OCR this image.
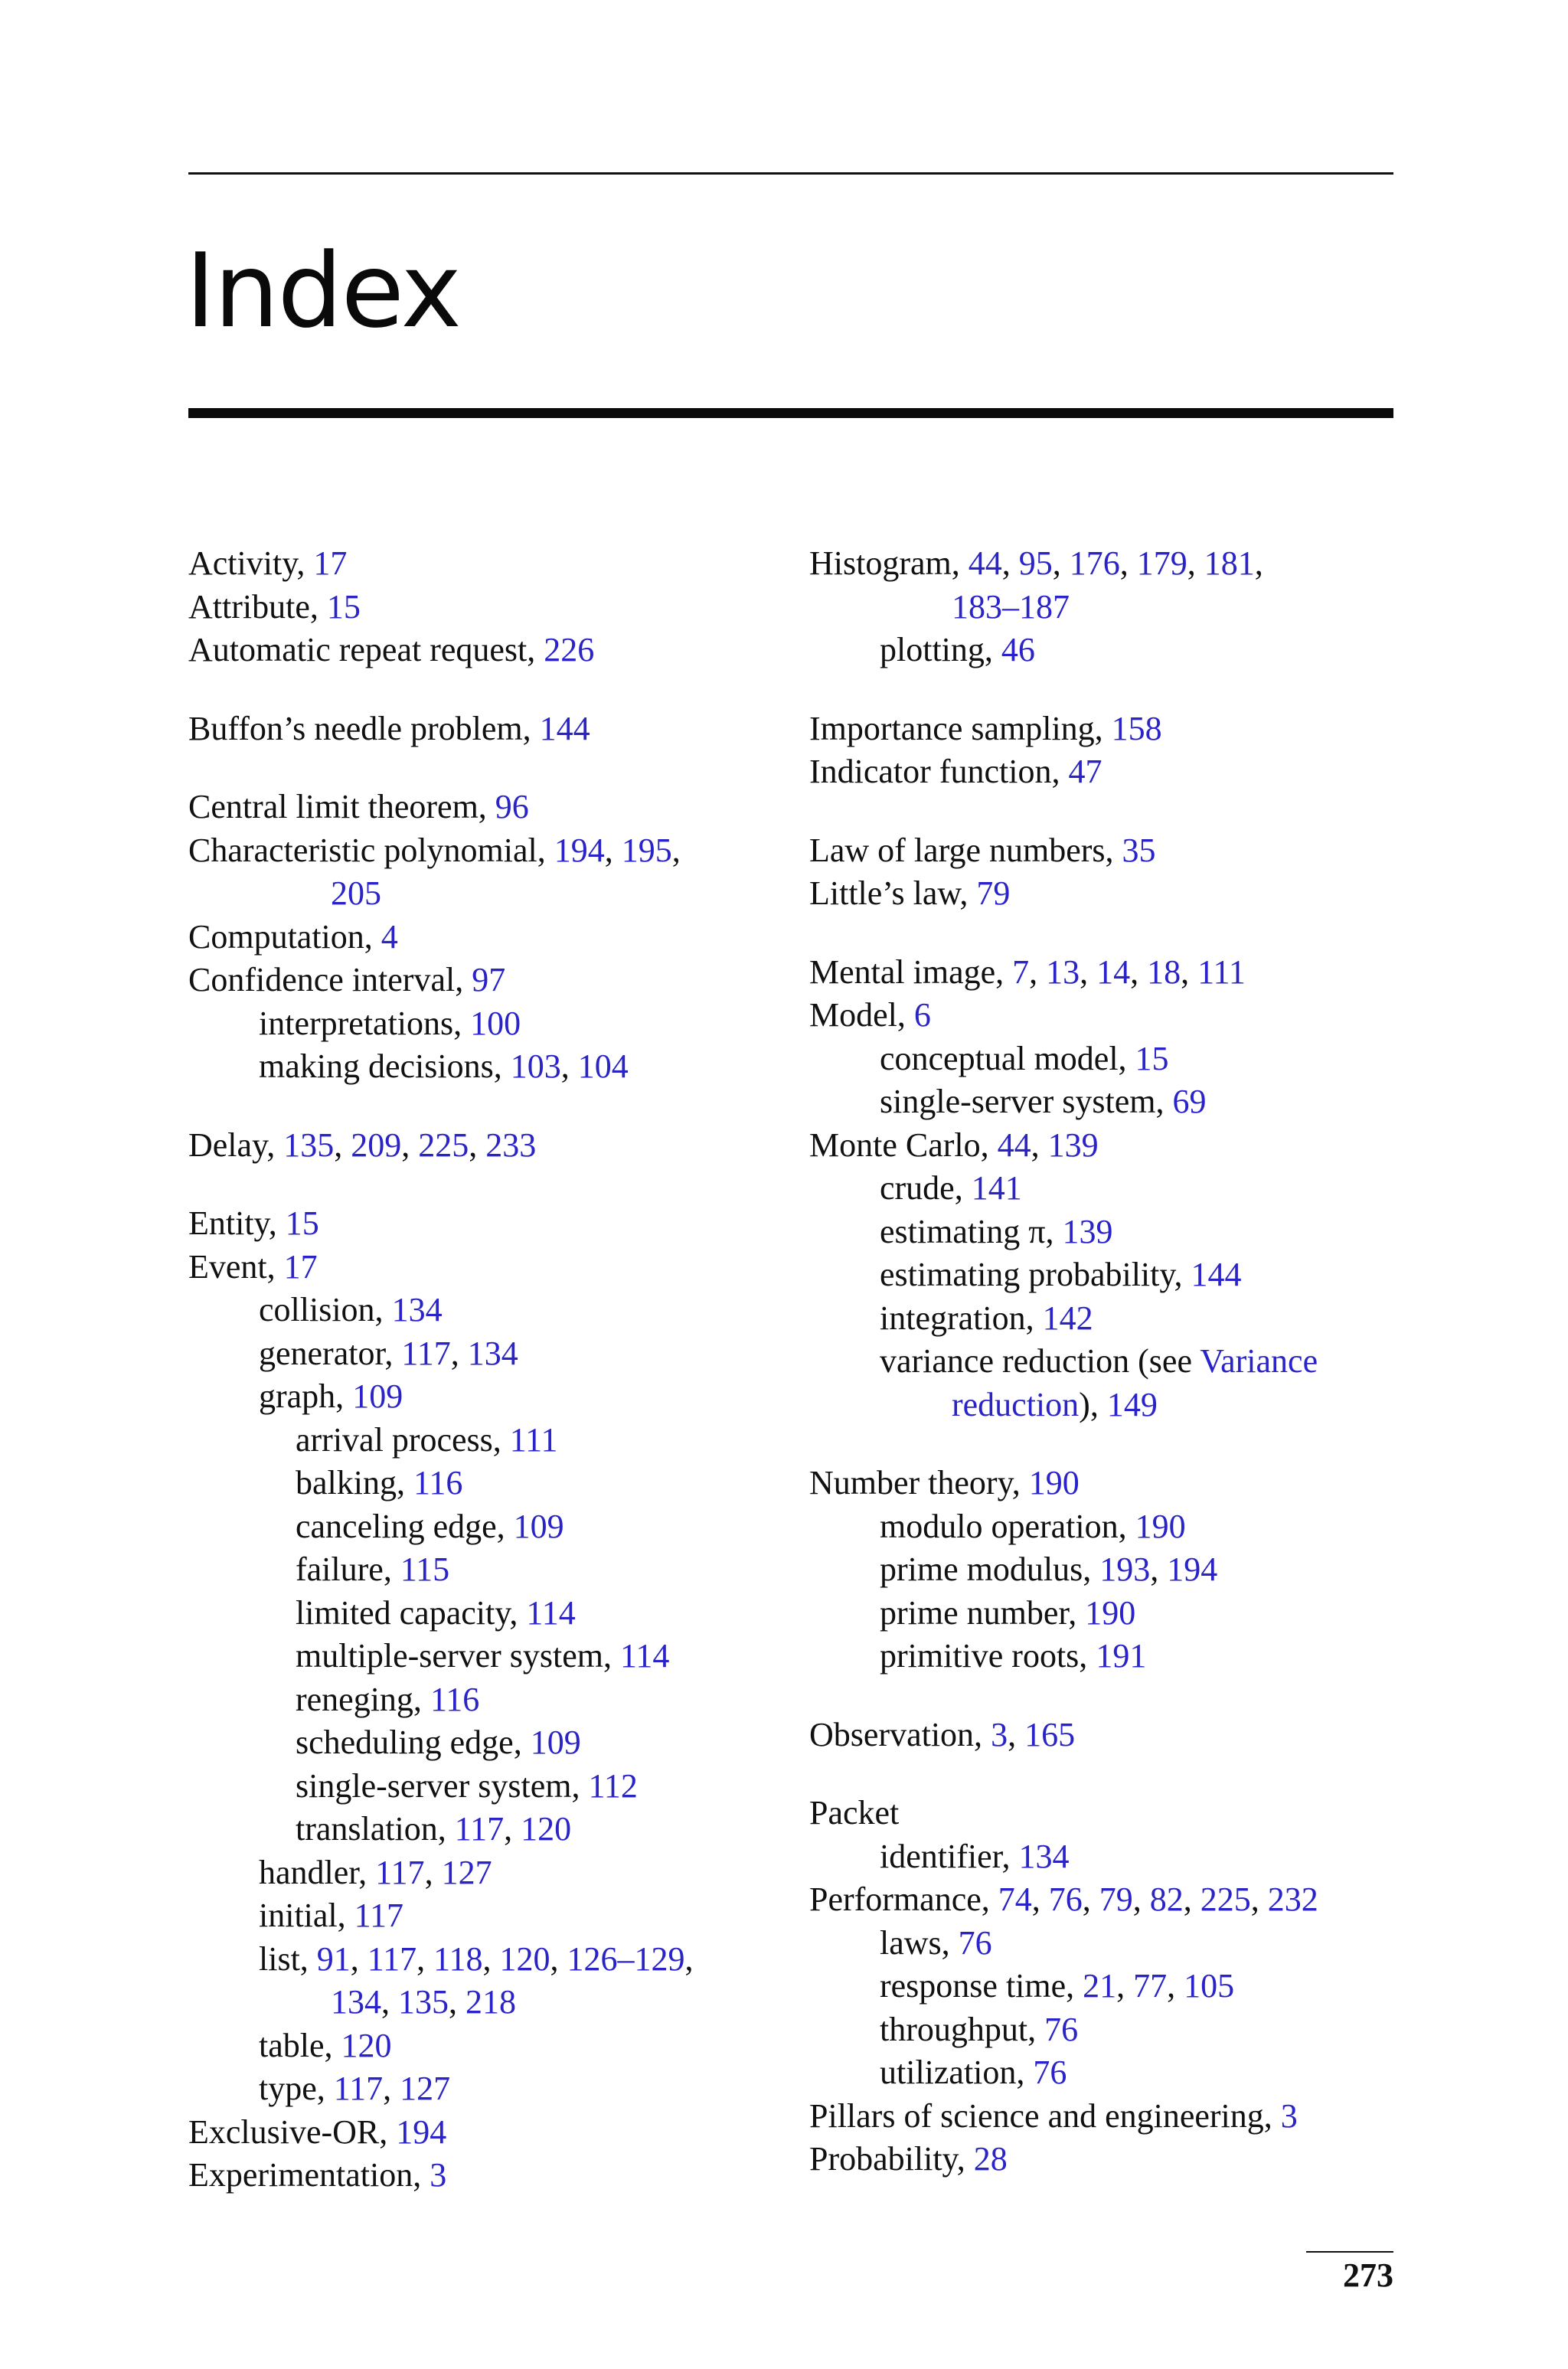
Index
Activity, 17
Attribute, 15
Automatic repeat request, 226
Buffon’s needle problem, 144
Central limit theorem, 96
Characteristic polynomial, 194, 195,
205
Computation, 4
Confidence interval, 97
interpretations, 100
making decisions, 103, 104
Delay, 135, 209, 225, 233
Entity, 15
Event, 17
collision, 134
generator, 117, 134
graph, 109
arrival process, 111
balking, 116
canceling edge, 109
failure, 115
limited capacity, 114
multiple-server system, 114
reneging, 116
scheduling edge, 109
single-server system, 112
translation, 117, 120
handler, 117, 127
initial, 117
list, 91, 117, 118, 120, 126–129,
134, 135, 218
table, 120
type, 117, 127
Exclusive-OR, 194
Experimentation, 3
Histogram, 44, 95, 176, 179, 181,
183–187
plotting, 46
Importance sampling, 158
Indicator function, 47
Law of large numbers, 35
Little’s law, 79
Mental image, 7, 13, 14, 18, 111
Model, 6
conceptual model, 15
single-server system, 69
Monte Carlo, 44, 139
crude, 141
estimating π, 139
estimating probability, 144
integration, 142
variance reduction (see Variance
reduction), 149
Number theory, 190
modulo operation, 190
prime modulus, 193, 194
prime number, 190
primitive roots, 191
Observation, 3, 165
Packet
identifier, 134
Performance, 74, 76, 79, 82, 225, 232
laws, 76
response time, 21, 77, 105
throughput, 76
utilization, 76
Pillars of science and engineering, 3
Probability, 28
273
